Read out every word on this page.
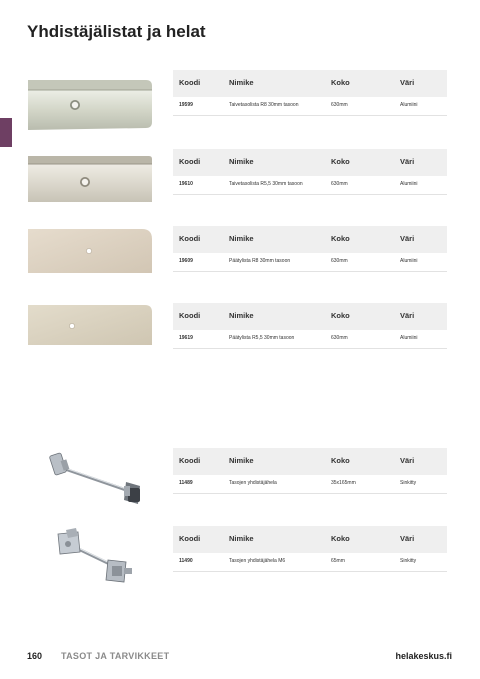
Yhdistäjälistat ja helat
Koodi	Nimike	Koko	Väri
19599	Taivetasolista R8 30mm tasoon	630mm	Alumiini
Koodi	Nimike	Koko	Väri
19610	Taivetasolista R5,5 30mm tasoon	630mm	Alumiini
Koodi	Nimike	Koko	Väri
19609	Päätylista R8 30mm tasoon	630mm	Alumiini
Koodi	Nimike	Koko	Väri
19619	Päätylista R5,5 30mm tasoon	630mm	Alumiini
Koodi	Nimike	Koko	Väri
11489	Tasojen yhdistäjähela	35x165mm	Sinkitty
Koodi	Nimike	Koko	Väri
11490	Tasojen yhdistäjähela M6	65mm	Sinkitty
160 TASOT JA TARVIKKEET	helakeskus.fi
